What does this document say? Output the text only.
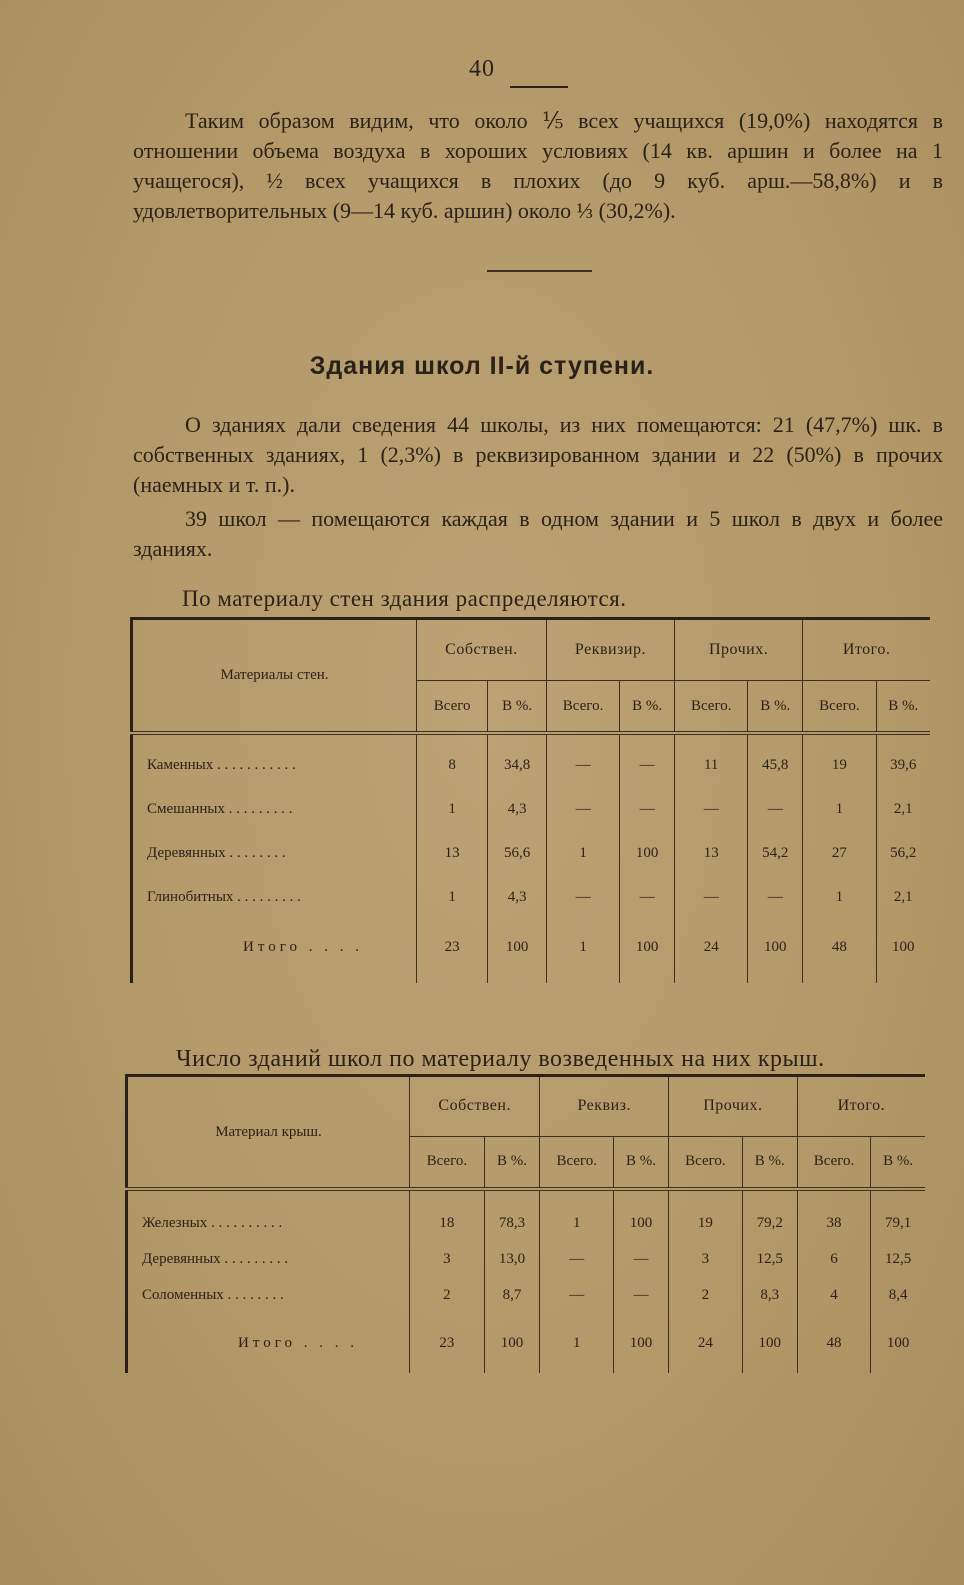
40
Таким образом видим, что около ⅕ всех учащихся (19,0%) находятся в отношении объема воздуха в хороших условиях (14 кв. аршин и более на 1 учащегося), ½ всех учащихся в плохих (до 9 куб. арш.—58,8%) и в удовлетворительных (9—14 куб. аршин) около ⅓ (30,2%).
Здания школ II-й ступени.
О зданиях дали сведения 44 школы, из них помещаются: 21 (47,7%) шк. в собственных зданиях, 1 (2,3%) в реквизированном здании и 22 (50%) в прочих (наемных и т. п.).
39 школ — помещаются каждая в одном здании и 5 школ в двух и более зданиях.
По материалу стен здания распределяются.
Материалы стен.	Собствен.		Реквизир.		Прочих.		Итого.	
	Всего	В %.	Всего.	В %.	Всего.	В %.	Всего.	В %.

Каменных . . . . . . . . . . .	8	34,8	—	—	11	45,8	19	39,6
Смешанных . . . . . . . . .	1	4,3	—	—	—	—	1	2,1
Деревянных . . . . . . . .	13	56,6	1	100	13	54,2	27	56,2
Глинобитных . . . . . . . . .	1	4,3	—	—	—	—	1	2,1
Итого . . . .	23	100	1	100	24	100	48	100

Число зданий школ по материалу возведенных на них крыш.
Материал крыш.	Собствен.		Реквиз.		Прочих.		Итого.	
	Всего.	В %.	Всего.	В %.	Всего.	В %.	Всего.	В %.

Железных . . . . . . . . . .	18	78,3	1	100	19	79,2	38	79,1
Деревянных . . . . . . . . .	3	13,0	—	—	3	12,5	6	12,5
Соломенных . . . . . . . .	2	8,7	—	—	2	8,3	4	8,4
Итого . . . .	23	100	1	100	24	100	48	100
